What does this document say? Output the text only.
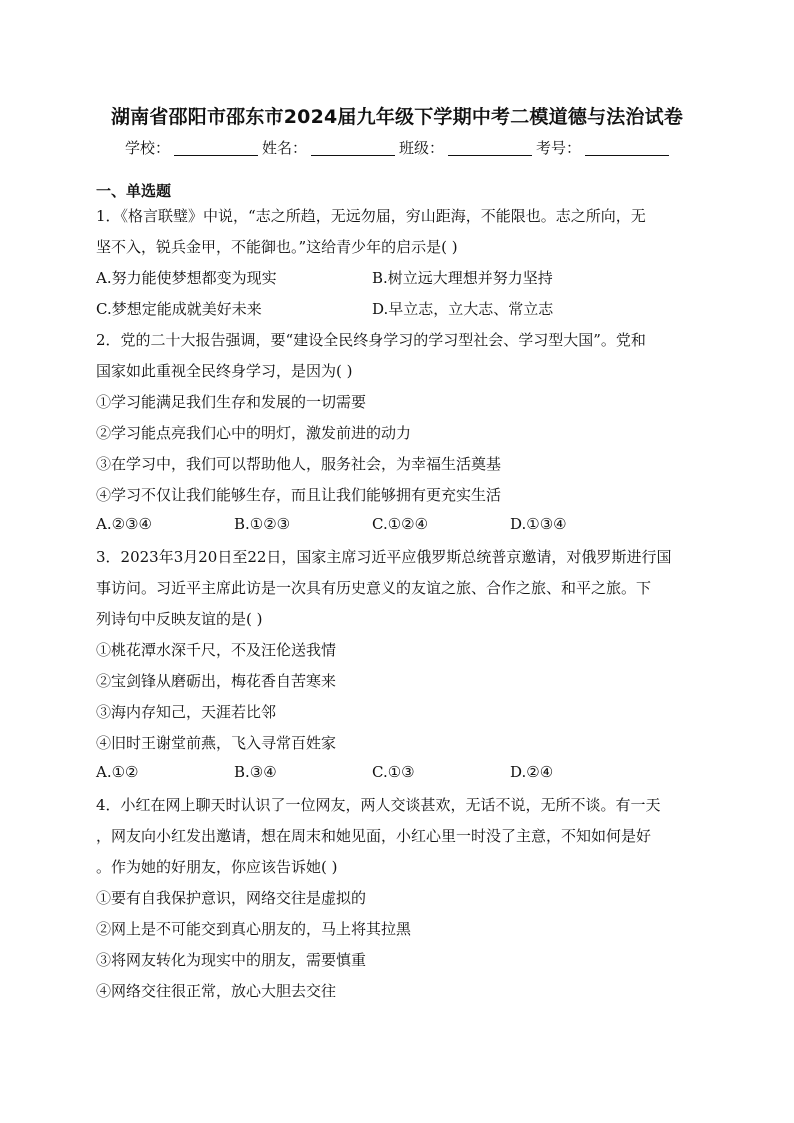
湖南省邵阳市邵东市2024届九年级下学期中考二模道德与法治试卷
学校：	姓名：	班级：	考号：
一、单选题
1．《格言联璧》中说，“志之所趋，无远勿届，穷山距海，不能限也。志之所向，无
坚不入，锐兵金甲，不能御也。”这给青少年的启示是( )
A.努力能使梦想都变为现实	B.树立远大理想并努力坚持
C.梦想定能成就美好未来	D.早立志，立大志、常立志
2．党的二十大报告强调，要“建设全民终身学习的学习型社会、学习型大国”。党和
国家如此重视全民终身学习，是因为( )
①学习能满足我们生存和发展的一切需要
②学习能点亮我们心中的明灯，激发前进的动力
③在学习中，我们可以帮助他人，服务社会，为幸福生活奠基
④学习不仅让我们能够生存，而且让我们能够拥有更充实生活
A.②③④	B.①②③	C.①②④	D.①③④
3．2023年3月20日至22日，国家主席习近平应俄罗斯总统普京邀请，对俄罗斯进行国
事访问。习近平主席此访是一次具有历史意义的友谊之旅、合作之旅、和平之旅。下
列诗句中反映友谊的是( )
①桃花潭水深千尺，不及汪伦送我情
②宝剑锋从磨砺出，梅花香自苦寒来
③海内存知己，天涯若比邻
④旧时王谢堂前燕，飞入寻常百姓家
A.①②	B.③④	C.①③	D.②④
4．小红在网上聊天时认识了一位网友，两人交谈甚欢，无话不说，无所不谈。有一天
，网友向小红发出邀请，想在周末和她见面，小红心里一时没了主意，不知如何是好
。作为她的好朋友，你应该告诉她( )
①要有自我保护意识，网络交往是虚拟的
②网上是不可能交到真心朋友的，马上将其拉黑
③将网友转化为现实中的朋友，需要慎重
④网络交往很正常，放心大胆去交往
